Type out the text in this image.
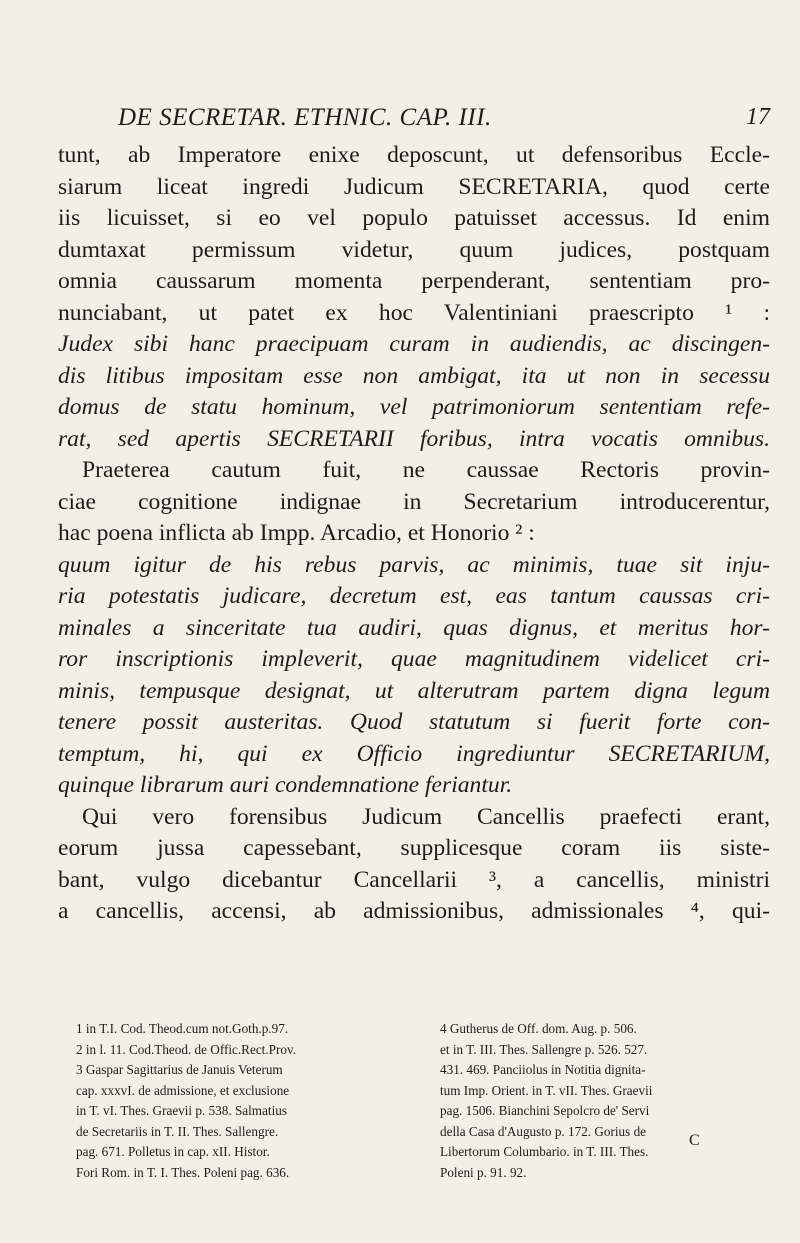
DE SECRETAR. ETHNIC. CAP. III.	17
tunt, ab Imperatore enixe deposcunt, ut defensoribus Eccle-
siarum liceat ingredi Judicum SECRETARIA, quod certe
iis licuisset, si eo vel populo patuisset accessus. Id enim
dumtaxat permissum videtur, quum judices, postquam
omnia caussarum momenta perpenderant, sententiam pro-
nunciabant, ut patet ex hoc Valentiniani praescripto ¹ :
Judex sibi hanc praecipuam curam in audiendis, ac discingen-
dis litibus impositam esse non ambigat, ita ut non in secessu
domus de statu hominum, vel patrimoniorum sententiam refe-
rat, sed apertis SECRETARII foribus, intra vocatis omnibus.
Praeterea cautum fuit, ne caussae Rectoris provin-
ciae cognitione indignae in Secretarium introducerentur,
hac poena inflicta ab Impp. Arcadio, et Honorio ² :
quum igitur de his rebus parvis, ac minimis, tuae sit inju-
ria potestatis judicare, decretum est, eas tantum caussas cri-
minales a sinceritate tua audiri, quas dignus, et meritus hor-
ror inscriptionis impleverit, quae magnitudinem videlicet cri-
minis, tempusque designat, ut alterutram partem digna legum
tenere possit austeritas. Quod statutum si fuerit forte con-
temptum, hi, qui ex Officio ingrediuntur SECRETARIUM,
quinque librarum auri condemnatione feriantur.
Qui vero forensibus Judicum Cancellis praefecti erant,
eorum jussa capessebant, supplicesque coram iis siste-
bant, vulgo dicebantur Cancellarii ³, a cancellis, ministri
a cancellis, accensi, ab admissionibus, admissionales ⁴, qui-
1 in T.I. Cod. Theod.cum not.Goth.p.97.
2 in l. 11. Cod.Theod. de Offic.Rect.Prov.
3 Gaspar Sagittarius de Januis Veterum
cap. xxxvI. de admissione, et exclusione
in T. vI. Thes. Graevii p. 538. Salmatius
de Secretariis in T. II. Thes. Sallengre.
pag. 671. Polletus in cap. xII. Histor.
Fori Rom. in T. I. Thes. Poleni pag. 636.
4 Gutherus de Off. dom. Aug. p. 506.
et in T. III. Thes. Sallengre p. 526. 527.
431. 469. Panciiolus in Notitia dignita-
tum Imp. Orient. in T. vII. Thes. Graevii
pag. 1506. Bianchini Sepolcro de' Servi
della Casa d'Augusto p. 172. Gorius de
Libertorum Columbario. in T. III. Thes.
Poleni p. 91. 92.
C
